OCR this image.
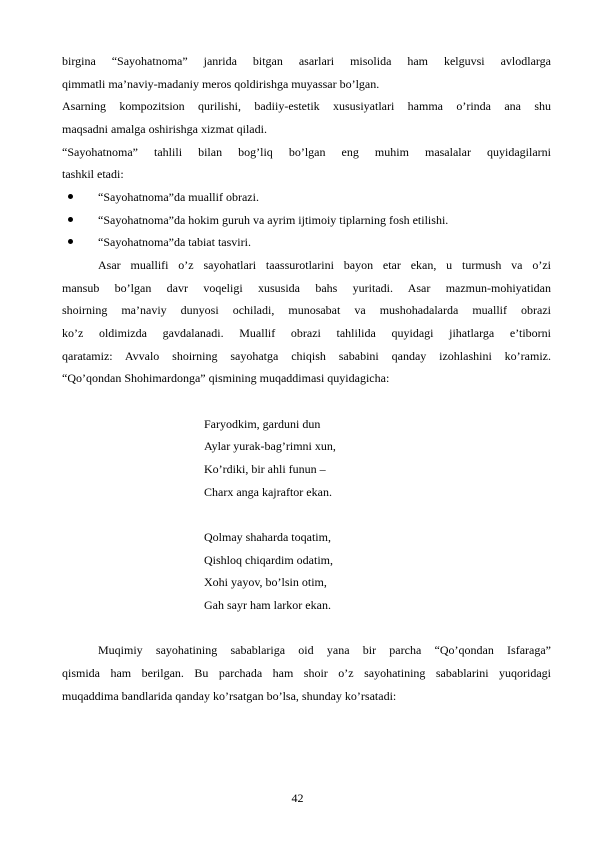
birgina “Sayohatnoma” janrida bitgan asarlari misolida ham kelguvsi avlodlarga
qimmatli ma’naviy-madaniy meros qoldirishga muyassar bo’lgan.
Asarning kompozitsion qurilishi, badiiy-estetik xususiyatlari hamma o’rinda ana shu
maqsadni amalga oshirishga xizmat qiladi.
“Sayohatnoma” tahlili bilan bog’liq bo’lgan eng muhim masalalar quyidagilarni
tashkil etadi:
“Sayohatnoma”da muallif obrazi.
“Sayohatnoma”da hokim guruh va ayrim ijtimoiy tiplarning fosh etilishi.
“Sayohatnoma”da tabiat tasviri.
Asar muallifi o’z sayohatlari taassurotlarini bayon etar ekan, u turmush va o’zi
mansub bo’lgan davr voqeligi xususida bahs yuritadi. Asar mazmun-mohiyatidan
shoirning ma’naviy dunyosi ochiladi, munosabat va mushohadalarda muallif obrazi
ko’z oldimizda gavdalanadi. Muallif obrazi tahlilida quyidagi jihatlarga e’tiborni
qaratamiz: Avvalo shoirning sayohatga chiqish sababini qanday izohlashini ko’ramiz.
“Qo’qondan Shohimardonga” qismining muqaddimasi quyidagicha:
Faryodkim, garduni dun
Aylar yurak-bag’rimni xun,
Ko’rdiki, bir ahli funun –
Charx anga kajraftor ekan.
Qolmay shaharda toqatim,
Qishloq chiqardim odatim,
Xohi yayov, bo’lsin otim,
Gah sayr ham larkor ekan.
Muqimiy sayohatining sabablariga oid yana bir parcha “Qo’qondan Isfaraga”
qismida ham berilgan. Bu parchada ham shoir o’z sayohatining sabablarini yuqoridagi
muqaddima bandlarida qanday ko’rsatgan bo’lsa, shunday ko’rsatadi:
42
